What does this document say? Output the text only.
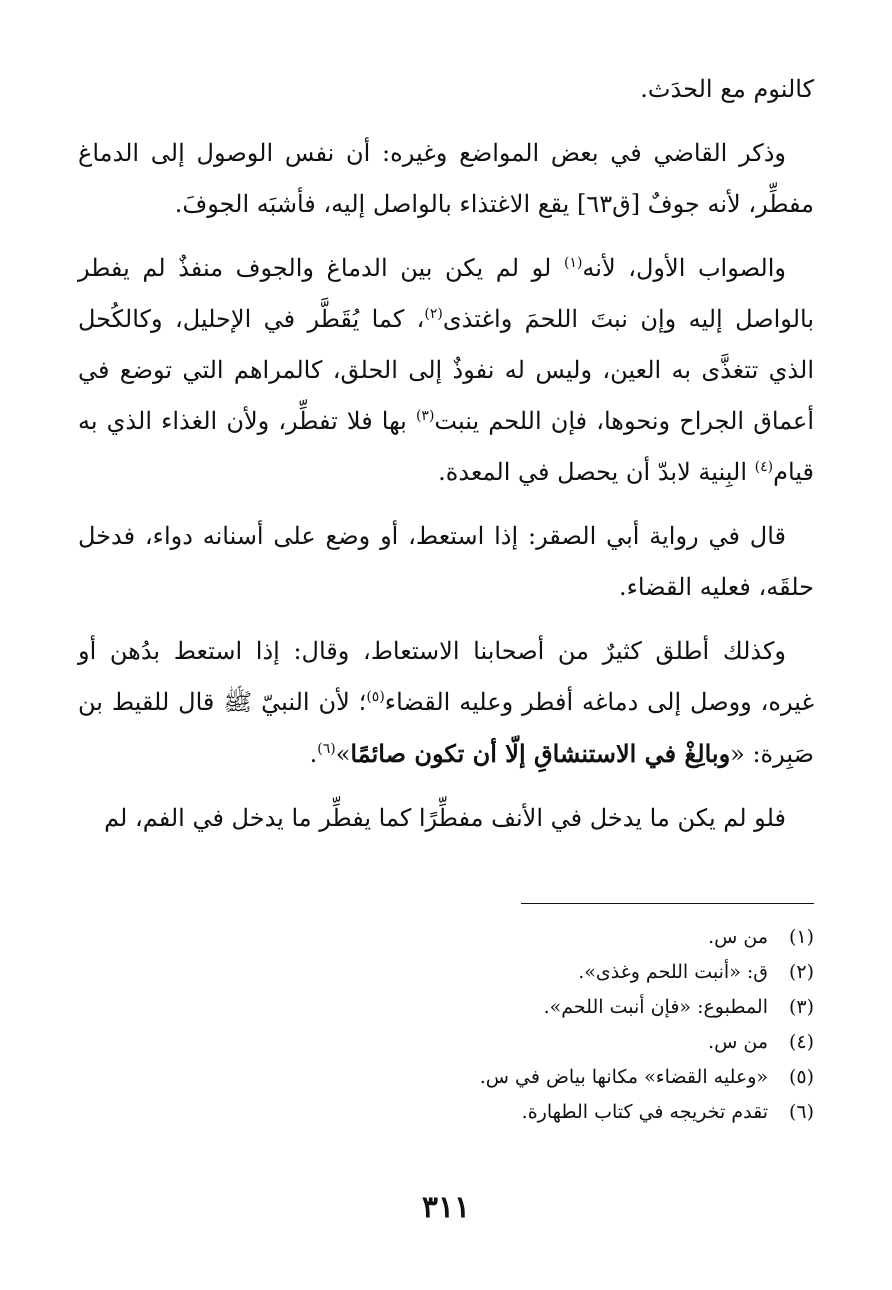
كالنوم مع الحدَث.

وذكر القاضي في بعض المواضع وغيره: أن نفس الوصول إلى الدماغ مفطِّر، لأنه جوفٌ [ق٦٣] يقع الاغتذاء بالواصل إليه، فأشبَه الجوفَ.

والصواب الأول، لأنه$^{(١)}$ لو لم يكن بين الدماغ والجوف منفذٌ لم يفطر بالواصل إليه وإن نبتَ اللحمَ واغتذى$^{(٢)}$، كما يُقَطَّر في الإحليل، وكالكُحل الذي تتغذَّى به العين، وليس له نفوذٌ إلى الحلق، كالمراهم التي توضع في أعماق الجراح ونحوها، فإن اللحم ينبت$^{(٣)}$ بها فلا تفطِّر، ولأن الغذاء الذي به قيام$^{(٤)}$ البِنية لابدّ أن يحصل في المعدة.

قال في رواية أبي الصقر: إذا استعط، أو وضع على أسنانه دواء، فدخل حلقَه، فعليه القضاء.

وكذلك أطلق كثيرٌ من أصحابنا الاستعاط، وقال: إذا استعط بدُهن أو غيره، ووصل إلى دماغه أفطر وعليه القضاء$^{(٥)}$؛ لأن النبيّ ﷺ قال للقيط بن صَبِرة: «وبالِغْ في الاستنشاقِ إلّا أن تكون صائمًا»$^{(٦)}$.

فلو لم يكن ما يدخل في الأنف مفطِّرًا كما يفطِّر ما يدخل في الفم، لم

(١)
من س.
(٢)
ق: «أنبت اللحم وغذى».
(٣)
المطبوع: «فإن أنبت اللحم».
(٤)
من س.
(٥)
«وعليه القضاء» مكانها بياض في س.
(٦)
تقدم تخريجه في كتاب الطهارة.
٣١١
